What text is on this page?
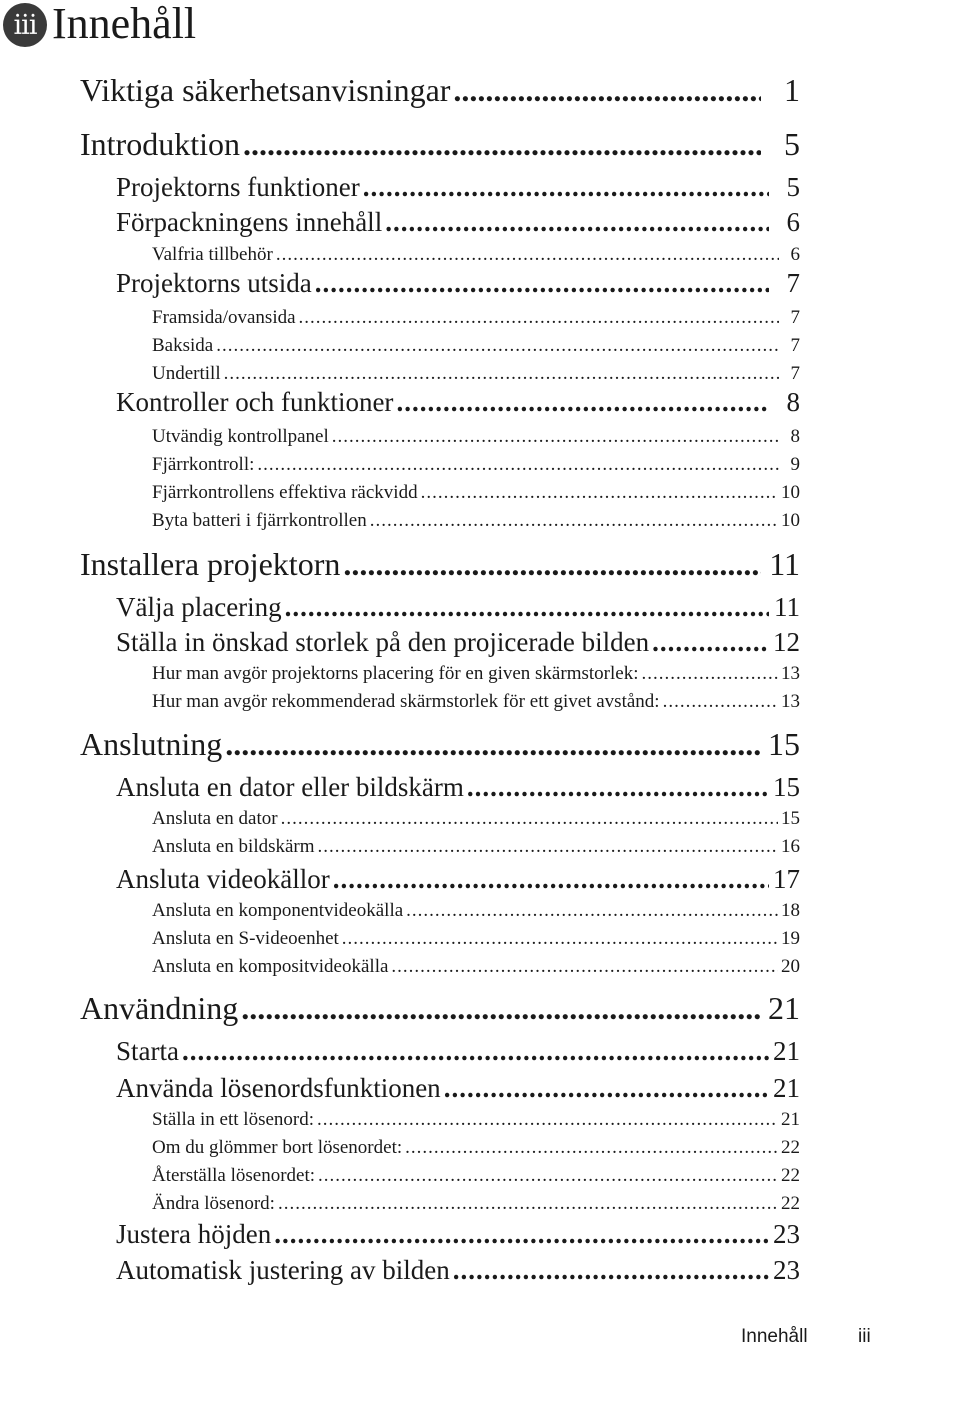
iii Innehåll
Viktiga säkerhetsanvisningar .....	1
Introduktion .....	5
Projektorns funktioner .....	5
Förpackningens innehåll .....	6
Valfria tillbehör .....	6
Projektorns utsida .....	7
Framsida/ovansida .....	7
Baksida .....	7
Undertill .....	7
Kontroller och funktioner .....	8
Utvändig kontrollpanel .....	8
Fjärrkontroll: .....	9
Fjärrkontrollens effektiva räckvidd .....	10
Byta batteri i fjärrkontrollen .....	10
Installera projektorn .....	11
Välja placering .....	11
Ställa in önskad storlek på den projicerade bilden .....	12
Hur man avgör projektorns placering för en given skärmstorlek: .....	13
Hur man avgör rekommenderad skärmstorlek för ett givet avstånd: .....	13
Anslutning .....	15
Ansluta en dator eller bildskärm .....	15
Ansluta en dator .....	15
Ansluta en bildskärm .....	16
Ansluta videokällor .....	17
Ansluta en komponentvideokälla .....	18
Ansluta en S-videoenhet .....	19
Ansluta en kompositvideokälla .....	20
Användning .....	21
Starta .....	21
Använda lösenordsfunktionen .....	21
Ställa in ett lösenord: .....	21
Om du glömmer bort lösenordet: .....	22
Återställa lösenordet: .....	22
Ändra lösenord: .....	22
Justera höjden .....	23
Automatisk justering av bilden .....	23
Innehåll	iii
